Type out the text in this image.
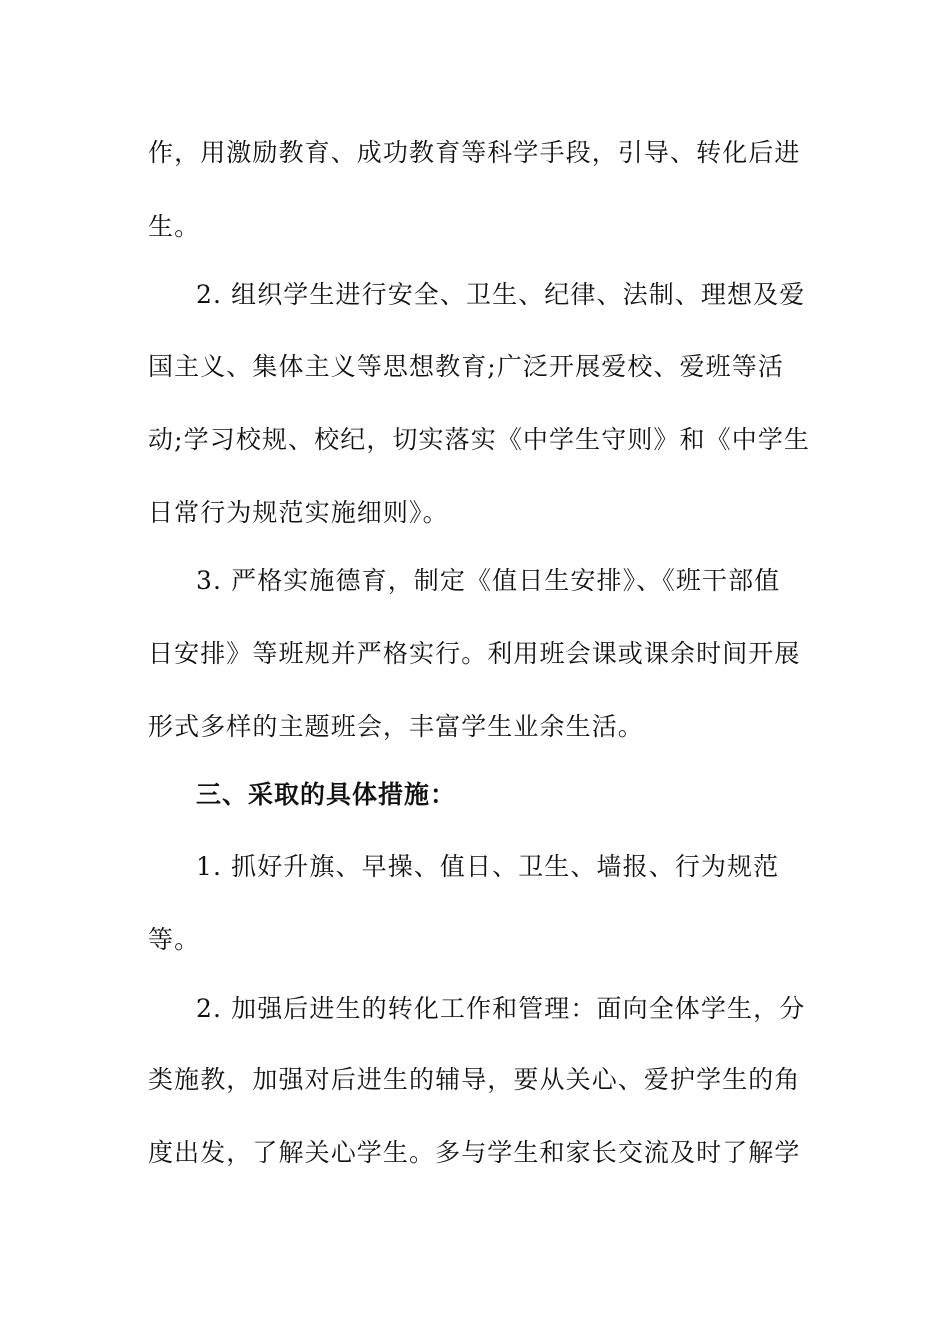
作，用激励教育、成功教育等科学手段，引导、转化后进
生。
2. 组织学生进行安全、卫生、纪律、法制、理想及爱
国主义、集体主义等思想教育;广泛开展爱校、爱班等活
动;学习校规、校纪，切实落实《中学生守则》和《中学生
日常行为规范实施细则》。
3. 严格实施德育，制定《值日生安排》、《班干部值
日安排》等班规并严格实行。利用班会课或课余时间开展
形式多样的主题班会，丰富学生业余生活。
三、采取的具体措施：
1. 抓好升旗、早操、值日、卫生、墙报、行为规范
等。
2. 加强后进生的转化工作和管理：面向全体学生，分
类施教，加强对后进生的辅导，要从关心、爱护学生的角
度出发，了解关心学生。多与学生和家长交流及时了解学
